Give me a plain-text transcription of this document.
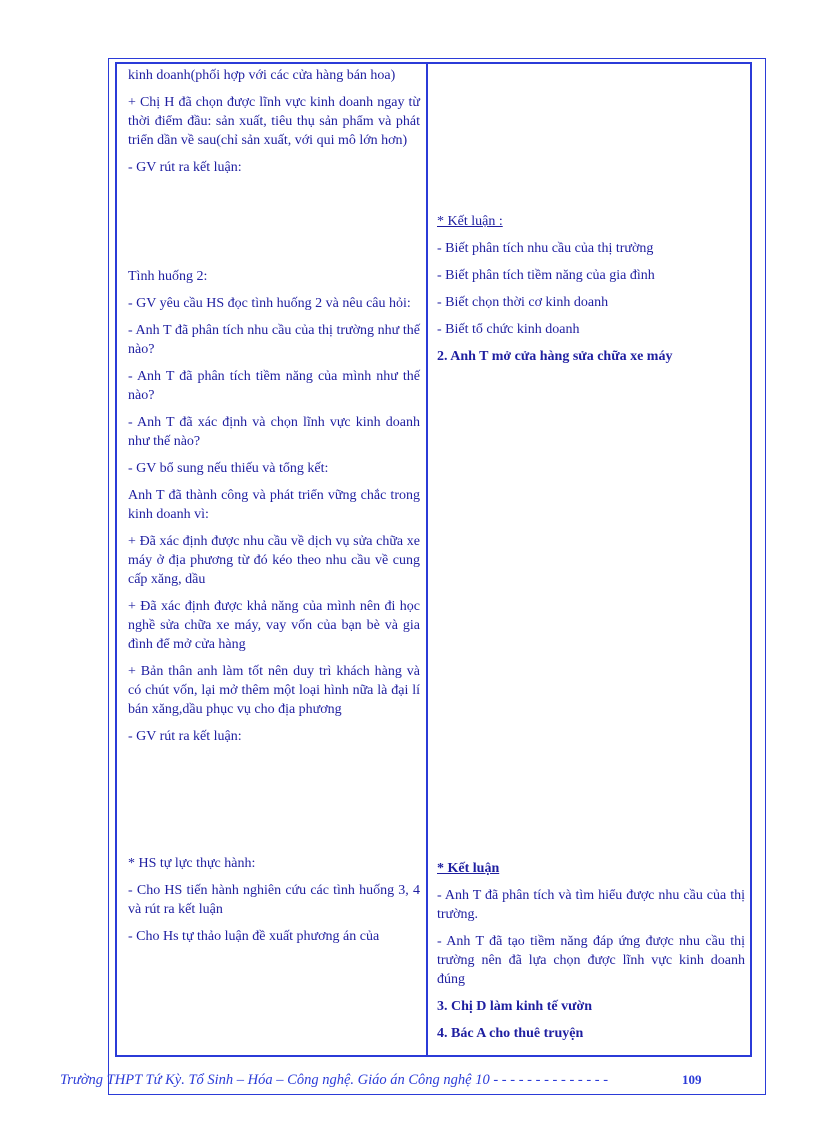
kinh doanh(phối hợp với các cửa hàng bán hoa)

+ Chị H đã chọn được lĩnh vực kinh doanh ngay từ thời điểm đầu: sản xuất, tiêu thụ sản phẩm và phát triển dần về sau(chỉ sản xuất, với qui mô lớn hơn)

- GV rút ra kết luận:

Tình huống 2:

- GV yêu cầu HS đọc tình huống 2 và nêu câu hỏi:

- Anh T đã phân tích nhu cầu của thị trường như thế nào?

- Anh T đã phân tích tiềm năng của mình như thế nào?

- Anh T đã xác định và chọn lĩnh vực kinh doanh như thế nào?

- GV bổ sung nếu thiếu và tổng kết:

Anh T đã thành công và phát triển vững chắc trong kinh doanh vì:

+ Đã xác định được nhu cầu về dịch vụ sửa chữa xe máy ở địa phương từ đó kéo theo nhu cầu về cung cấp xăng, dầu

+ Đã xác định được khả năng của mình nên đi học nghề sửa chữa xe máy, vay vốn của bạn bè và gia đình để mở cửa hàng

+ Bản thân anh làm tốt nên duy trì khách hàng và có chút vốn, lại mở thêm một loại hình nữa là đại lí bán xăng,dầu phục vụ cho địa phương

- GV rút ra kết luận:

* HS tự lực thực hành:

- Cho HS tiến hành nghiên cứu các tình huống 3, 4 và rút ra kết luận

- Cho Hs tự thảo luận đề xuất phương án của

* Kết luận :

- Biết phân tích nhu cầu của thị trường

- Biết phân tích tiềm năng của gia đình

- Biết chọn thời cơ kinh doanh

- Biết tổ chức kinh doanh

2. Anh T mở cửa hàng sửa chữa xe máy

* Kết luận

- Anh T đã phân tích và tìm hiểu được nhu cầu của thị trường.

- Anh T đã tạo tiềm năng đáp ứng được nhu cầu thị trường nên đã lựa chọn được lĩnh vực kinh doanh đúng

3. Chị D làm kinh tế vườn

4. Bác A cho thuê truyện

Trường THPT Tứ Kỳ. Tổ Sinh – Hóa – Công nghệ. Giáo án Công nghệ 10 - - - - - - - - - - - - - -	109
